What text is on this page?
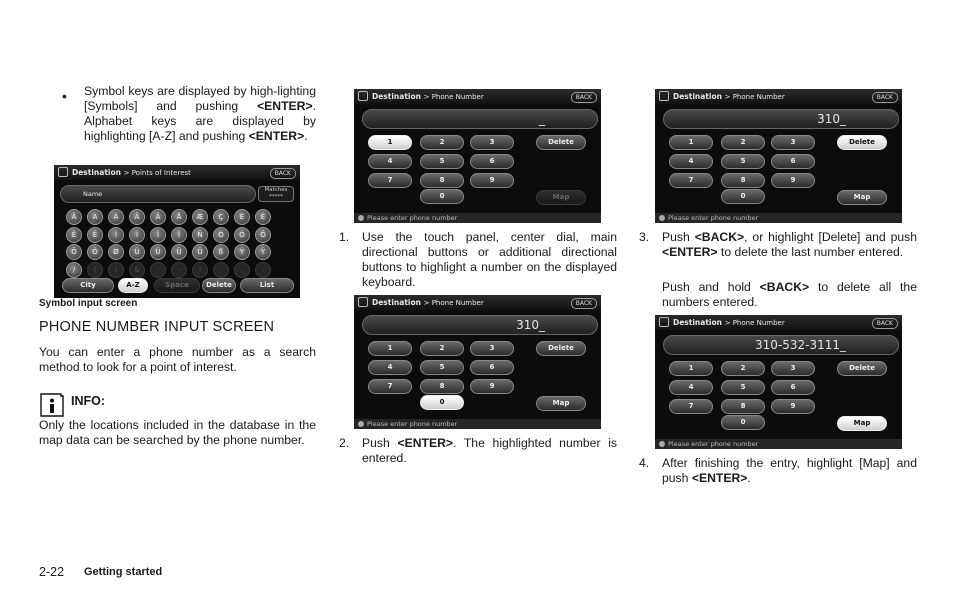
• Symbol keys are displayed by high-lighting [Symbols] and pushing <ENTER>. Alphabet keys are displayed by highlighting [A-Z] and pushing <ENTER>.
Destination > Points of Interest	BACK
Name	Matches
*****
Â	À	Á	Ä	Ã	Å	Æ	Ç	È	É
Ê	Ë	Ì	Í	Î	Ï	Ñ	Ò	Ó	Ô
Õ	Ö	Ø	Ù	Ú	Û	Ü	ß	Ý	Ÿ
/	(	)	&	'	-	!	,	.	:
City	A-Z	Space	Delete	List
Symbol input screen
PHONE NUMBER INPUT SCREEN
You can enter a phone number as a search method to look for a point of interest.
INFO:
Only the locations included in the database in the map data can be searched by the phone number.
Destination > Phone Number	BACK
_
1	2	3
4	5	6
7	8	9
0
Delete
Map
Please enter phone number
Destination > Phone Number	BACK
310_
1	2	3
4	5	6
7	8	9
0
Delete
Map
Please enter phone number
Destination > Phone Number	BACK
310_
1	2	3
4	5	6
7	8	9
0
Delete
Map
Please enter phone number
Destination > Phone Number	BACK
310-532-3111_
1	2	3
4	5	6
7	8	9
0
Delete
Map
Please enter phone number
1. Use the touch panel, center dial, main directional buttons or additional directional buttons to highlight a number on the displayed keyboard.
2. Push <ENTER>. The highlighted number is entered.
3. Push <BACK>, or highlight [Delete] and push <ENTER> to delete the last number entered.
Push and hold <BACK> to delete all the numbers entered.
4. After finishing the entry, highlight [Map] and push <ENTER>.
2-22 Getting started
